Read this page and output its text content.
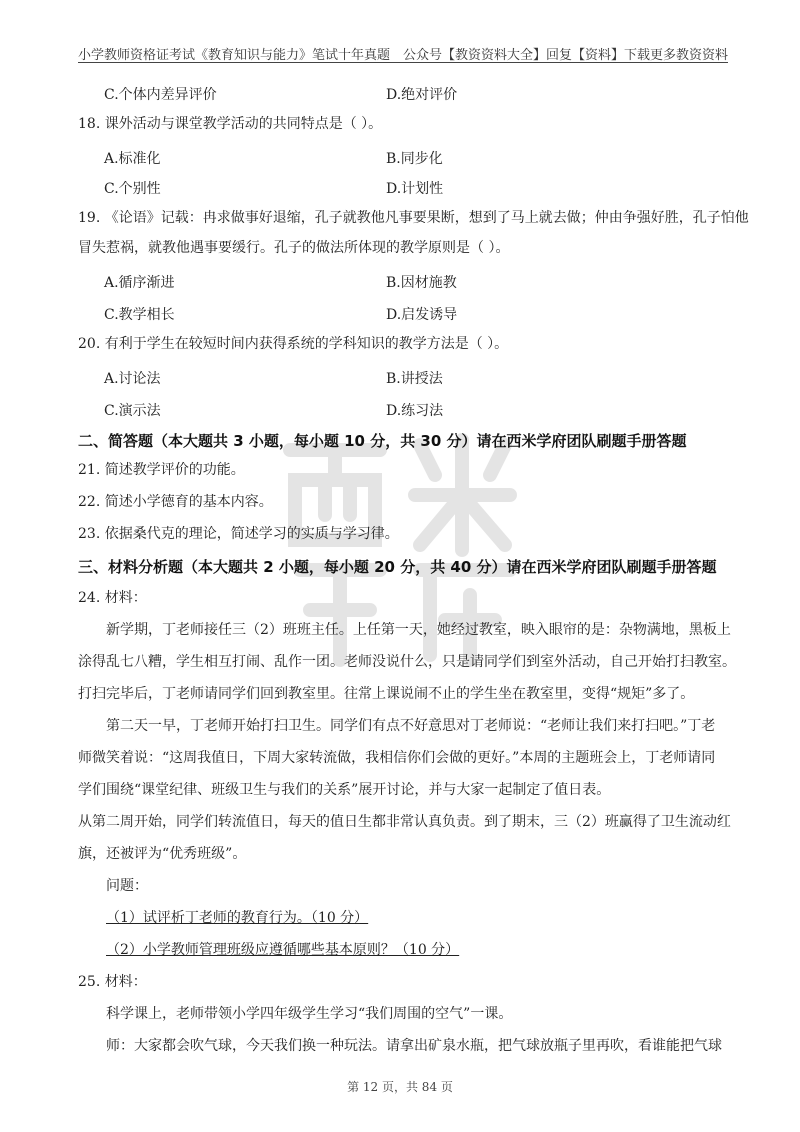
小学教师资格证考试《教育知识与能力》笔试十年真题 公众号【教资资料大全】回复【资料】下载更多教资资料
C.个体内差异评价	D.绝对评价
18. 课外活动与课堂教学活动的共同特点是（ ）。
A.标准化	B.同步化
C.个别性	D.计划性
19. 《论语》记载：冉求做事好退缩，孔子就教他凡事要果断，想到了马上就去做；仲由争强好胜，孔子怕他
冒失惹祸，就教他遇事要缓行。孔子的做法所体现的教学原则是（ ）。
A.循序渐进	B.因材施教
C.教学相长	D.启发诱导
20. 有利于学生在较短时间内获得系统的学科知识的教学方法是（ ）。
A.讨论法	B.讲授法
C.演示法	D.练习法
二、简答题（本大题共 3 小题，每小题 10 分，共 30 分）请在西米学府团队刷题手册答题
21. 简述教学评价的功能。
22. 简述小学德育的基本内容。
23. 依据桑代克的理论，简述学习的实质与学习律。
三、材料分析题（本大题共 2 小题，每小题 20 分，共 40 分）请在西米学府团队刷题手册答题
24. 材料：
新学期，丁老师接任三（2）班班主任。上任第一天，她经过教室，映入眼帘的是：杂物满地，黑板上
涂得乱七八糟，学生相互打闹、乱作一团。老师没说什么，只是请同学们到室外活动，自己开始打扫教室。
打扫完毕后，丁老师请同学们回到教室里。往常上课说闹不止的学生坐在教室里，变得“规矩”多了。
第二天一早，丁老师开始打扫卫生。同学们有点不好意思对丁老师说：“老师让我们来打扫吧。”丁老
师微笑着说：“这周我值日，下周大家转流做，我相信你们会做的更好。”本周的主题班会上，丁老师请同
学们围绕“课堂纪律、班级卫生与我们的关系”展开讨论，并与大家一起制定了值日表。
从第二周开始，同学们转流值日，每天的值日生都非常认真负责。到了期末，三（2）班赢得了卫生流动红
旗，还被评为“优秀班级”。
问题：
（1）试评析丁老师的教育行为。（10 分）
（2）小学教师管理班级应遵循哪些基本原则？（10 分）
25. 材料：
科学课上，老师带领小学四年级学生学习“我们周围的空气”一课。
师：大家都会吹气球，今天我们换一种玩法。请拿出矿泉水瓶，把气球放瓶子里再吹，看谁能把气球
第 12 页，共 84 页
